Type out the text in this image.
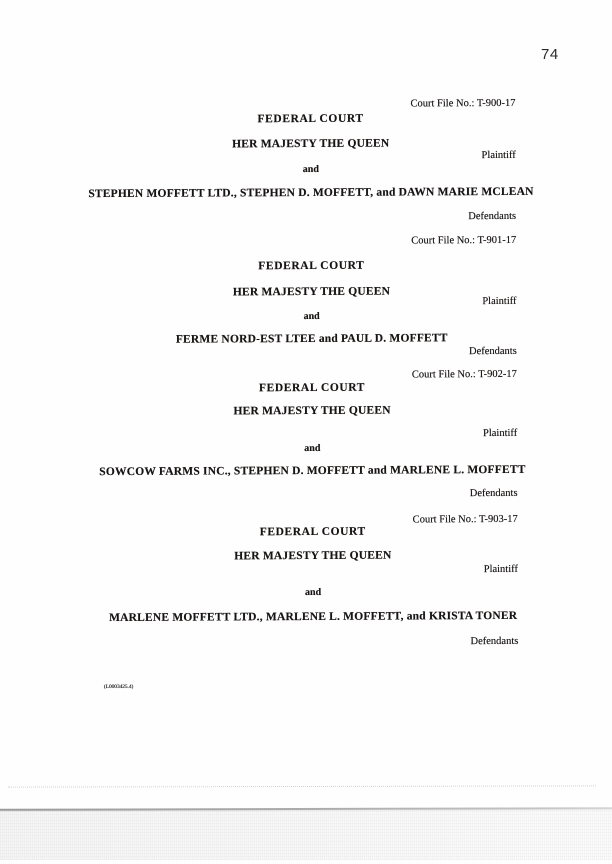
74
Court File No.: T-900-17
FEDERAL COURT
HER MAJESTY THE QUEEN
Plaintiff
and
STEPHEN MOFFETT LTD., STEPHEN D. MOFFETT, and DAWN MARIE MCLEAN
Defendants
Court File No.: T-901-17
FEDERAL COURT
HER MAJESTY THE QUEEN
Plaintiff
and
FERME NORD-EST LTEE and PAUL D. MOFFETT
Defendants
Court File No.: T-902-17
FEDERAL COURT
HER MAJESTY THE QUEEN
Plaintiff
and
SOWCOW FARMS INC., STEPHEN D. MOFFETT and MARLENE L. MOFFETT
Defendants
Court File No.: T-903-17
FEDERAL COURT
HER MAJESTY THE QUEEN
Plaintiff
and
MARLENE MOFFETT LTD., MARLENE L. MOFFETT, and KRISTA TONER
Defendants
(L0003425.4)
